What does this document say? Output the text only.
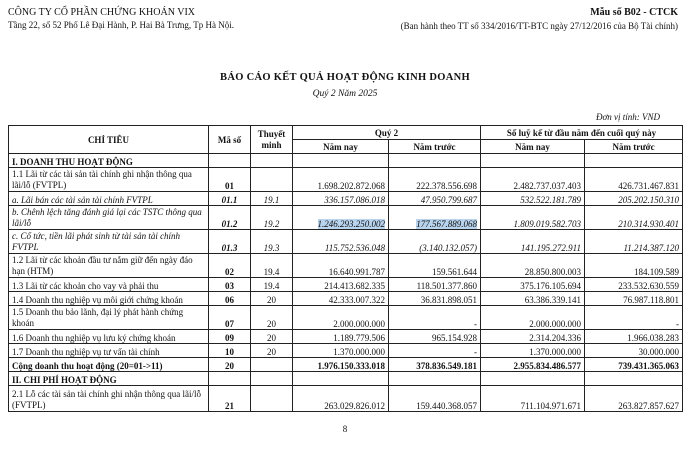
CÔNG TY CỔ PHẦN CHỨNG KHOÁN VIX
Tầng 22, số 52 Phố Lê Đại Hành, P. Hai Bà Trưng, Tp Hà Nội.
Mẫu số B02 - CTCK
(Ban hành theo TT số 334/2016/TT-BTC ngày 27/12/2016 của Bộ Tài chính)
BÁO CÁO KẾT QUẢ HOẠT ĐỘNG KINH DOANH
Quý 2 Năm 2025
Đơn vị tính: VND
CHỈ TIÊU	Mã số	Thuyết minh	Quý 2		Số luỹ kế từ đầu năm đến cuối quý này	
			Năm nay	Năm trước	Năm nay	Năm trước
I. DOANH THU HOẠT ĐỘNG						
1.1 Lãi từ các tài sản tài chính ghi nhận thông qua lãi/lỗ (FVTPL)	01		1.698.202.872.068	222.378.556.698	2.482.737.037.403	426.731.467.831
a. Lãi bán các tài sản tài chính FVTPL	01.1	19.1	336.157.086.018	47.950.799.687	532.522.181.789	205.202.150.310
b. Chênh lệch tăng đánh giá lại các TSTC thông qua lãi/lỗ	01.2	19.2	1.246.293.250.002	177.567.889.068	1.809.019.582.703	210.314.930.401
c. Cổ tức, tiền lãi phát sinh từ tài sản tài chính FVTPL	01.3	19.3	115.752.536.048	(3.140.132.057)	141.195.272.911	11.214.387.120
1.2 Lãi từ các khoản đầu tư nắm giữ đến ngày đáo hạn (HTM)	02	19.4	16.640.991.787	159.561.644	28.850.800.003	184.109.589
1.3 Lãi từ các khoản cho vay và phải thu	03	19.4	214.413.682.335	118.501.377.860	375.176.105.694	233.532.630.559
1.4 Doanh thu nghiệp vụ môi giới chứng khoán	06	20	42.333.007.322	36.831.898.051	63.386.339.141	76.987.118.801
1.5 Doanh thu bảo lãnh, đại lý phát hành chứng khoán	07	20	2.000.000.000	-	2.000.000.000	-
1.6 Doanh thu nghiệp vụ lưu ký chứng khoán	09	20	1.189.779.506	965.154.928	2.314.204.336	1.966.038.283
1.7 Doanh thu nghiệp vụ tư vấn tài chính	10	20	1.370.000.000	-	1.370.000.000	30.000.000
Cộng doanh thu hoạt động (20=01->11)	20		1.976.150.333.018	378.836.549.181	2.955.834.486.577	739.431.365.063
II. CHI PHÍ HOẠT ĐỘNG						
2.1 Lỗ các tài sản tài chính ghi nhận thông qua lãi/lỗ (FVTPL)	21		263.029.826.012	159.440.368.057	711.104.971.671	263.827.857.627
8
